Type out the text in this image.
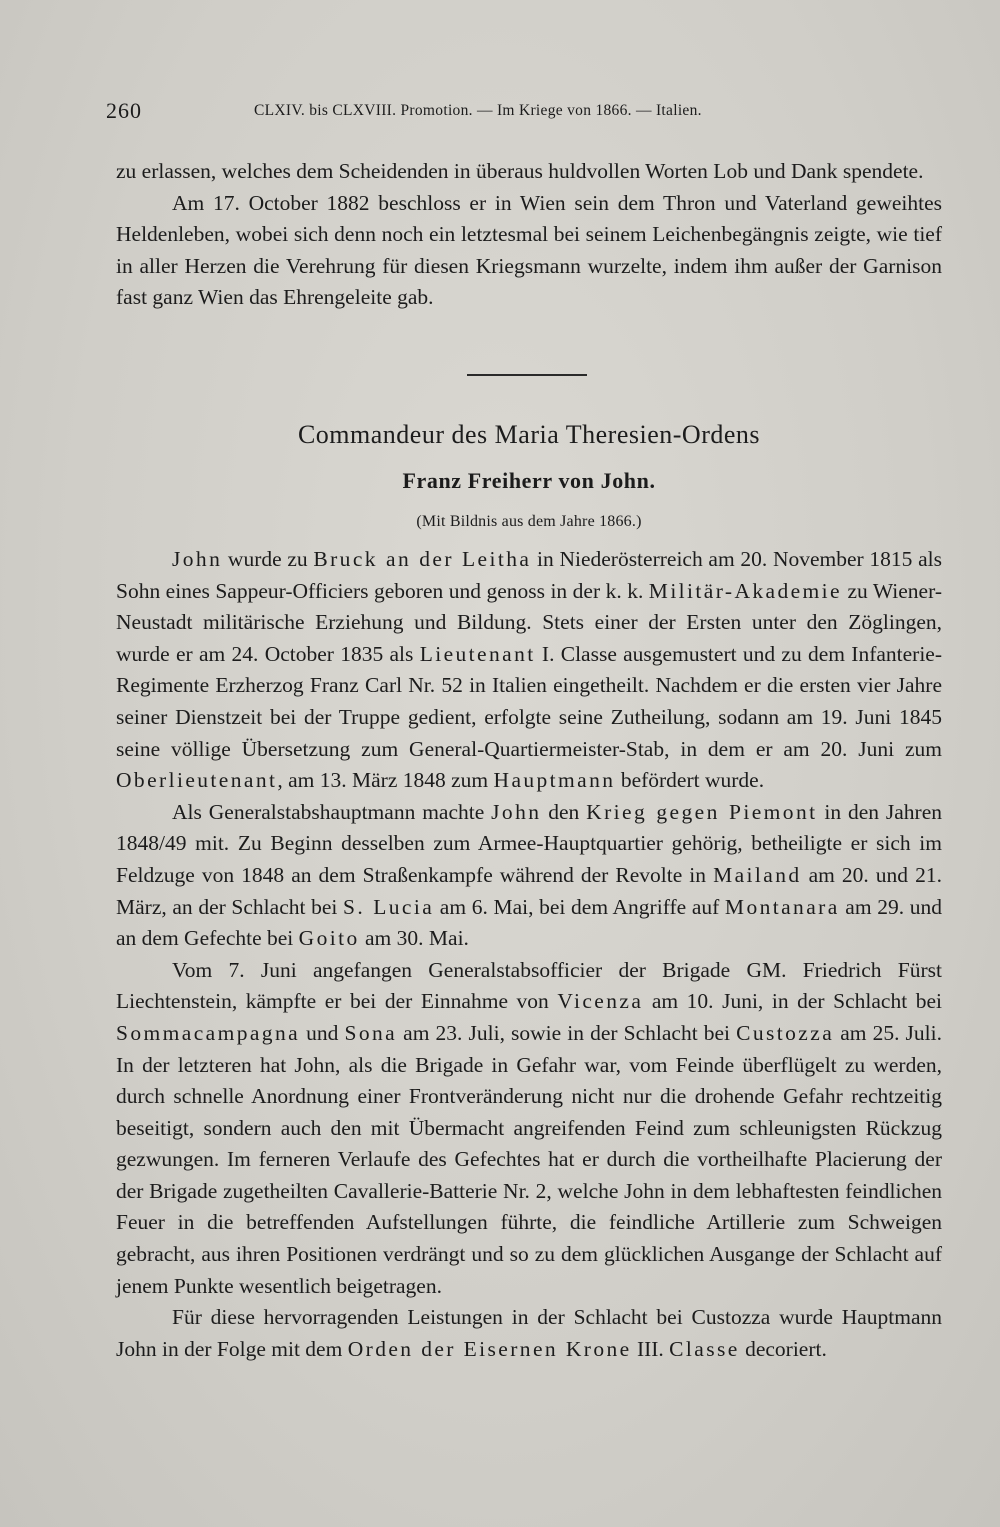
260	CLXIV. bis CLXVIII. Promotion. — Im Kriege von 1866. — Italien.

zu erlassen, welches dem Scheidenden in überaus huldvollen Worten Lob und Dank spendete.

Am 17. October 1882 beschloss er in Wien sein dem Thron und Vaterland geweihtes Heldenleben, wobei sich denn noch ein letztesmal bei seinem Leichenbegängnis zeigte, wie tief in aller Herzen die Verehrung für diesen Kriegsmann wurzelte, indem ihm außer der Garnison fast ganz Wien das Ehrengeleite gab.

Commandeur des Maria Theresien-Ordens
Franz Freiherr von John.
(Mit Bildnis aus dem Jahre 1866.)

John wurde zu Bruck an der Leitha in Niederösterreich am 20. November 1815 als Sohn eines Sappeur-Officiers geboren und genoss in der k. k. Militär-Akademie zu Wiener-Neustadt militärische Erziehung und Bildung. Stets einer der Ersten unter den Zöglingen, wurde er am 24. October 1835 als Lieutenant I. Classe ausgemustert und zu dem Infanterie-Regimente Erzherzog Franz Carl Nr. 52 in Italien eingetheilt. Nachdem er die ersten vier Jahre seiner Dienstzeit bei der Truppe gedient, erfolgte seine Zutheilung, sodann am 19. Juni 1845 seine völlige Übersetzung zum General-Quartiermeister-Stab, in dem er am 20. Juni zum Oberlieutenant, am 13. März 1848 zum Hauptmann befördert wurde.

Als Generalstabshauptmann machte John den Krieg gegen Piemont in den Jahren 1848/49 mit. Zu Beginn desselben zum Armee-Hauptquartier gehörig, betheiligte er sich im Feldzuge von 1848 an dem Straßenkampfe während der Revolte in Mailand am 20. und 21. März, an der Schlacht bei S. Lucia am 6. Mai, bei dem Angriffe auf Montanara am 29. und an dem Gefechte bei Goito am 30. Mai.

Vom 7. Juni angefangen Generalstabsofficier der Brigade GM. Friedrich Fürst Liechtenstein, kämpfte er bei der Einnahme von Vicenza am 10. Juni, in der Schlacht bei Sommacampagna und Sona am 23. Juli, sowie in der Schlacht bei Custozza am 25. Juli. In der letzteren hat John, als die Brigade in Gefahr war, vom Feinde überflügelt zu werden, durch schnelle Anordnung einer Frontveränderung nicht nur die drohende Gefahr rechtzeitig beseitigt, sondern auch den mit Übermacht angreifenden Feind zum schleunigsten Rückzug gezwungen. Im ferneren Verlaufe des Gefechtes hat er durch die vortheilhafte Placierung der der Brigade zugetheilten Cavallerie-Batterie Nr. 2, welche John in dem lebhaftesten feindlichen Feuer in die betreffenden Aufstellungen führte, die feindliche Artillerie zum Schweigen gebracht, aus ihren Positionen verdrängt und so zu dem glücklichen Ausgange der Schlacht auf jenem Punkte wesentlich beigetragen.

Für diese hervorragenden Leistungen in der Schlacht bei Custozza wurde Hauptmann John in der Folge mit dem Orden der Eisernen Krone III. Classe decoriert.
